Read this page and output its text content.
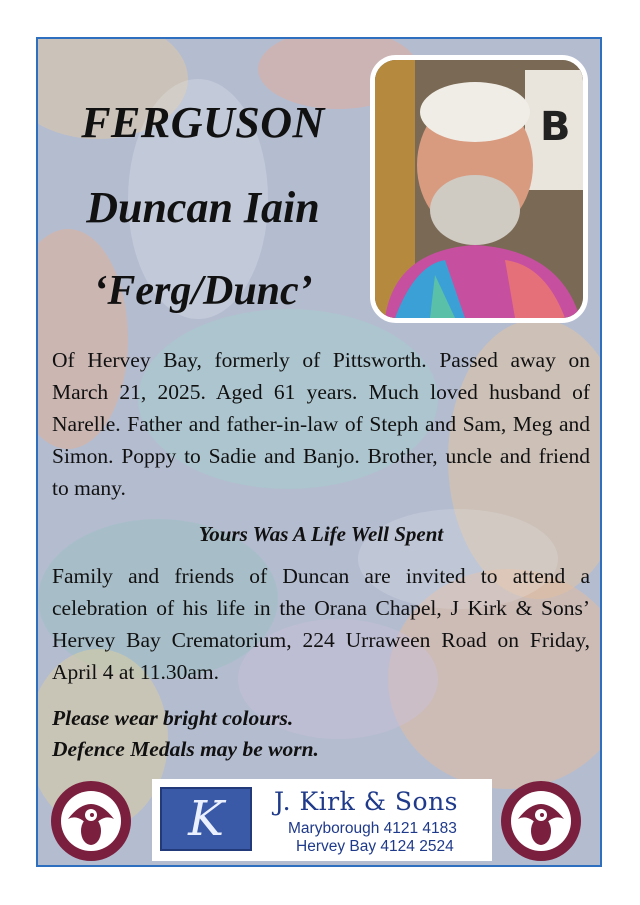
FERGUSON
Duncan Iain
‘Ferg/Dunc’
B
Of Hervey Bay, formerly of Pittsworth. Passed away on March 21, 2025. Aged 61 years. Much loved husband of Narelle. Father and father-in-law of Steph and Sam, Meg and Simon. Poppy to Sadie and Banjo. Brother, uncle and friend to many.
Yours Was A Life Well Spent
Family and friends of Duncan are invited to attend a celebration of his life in the Orana Chapel, J Kirk & Sons’ Hervey Bay Crematorium, 224 Urraween Road on Friday, April 4 at 11.30am.
Please wear bright colours.
Defence Medals may be worn.
K	J. Kirk & Sons
Maryborough 4121 4183
Hervey Bay 4124 2524
